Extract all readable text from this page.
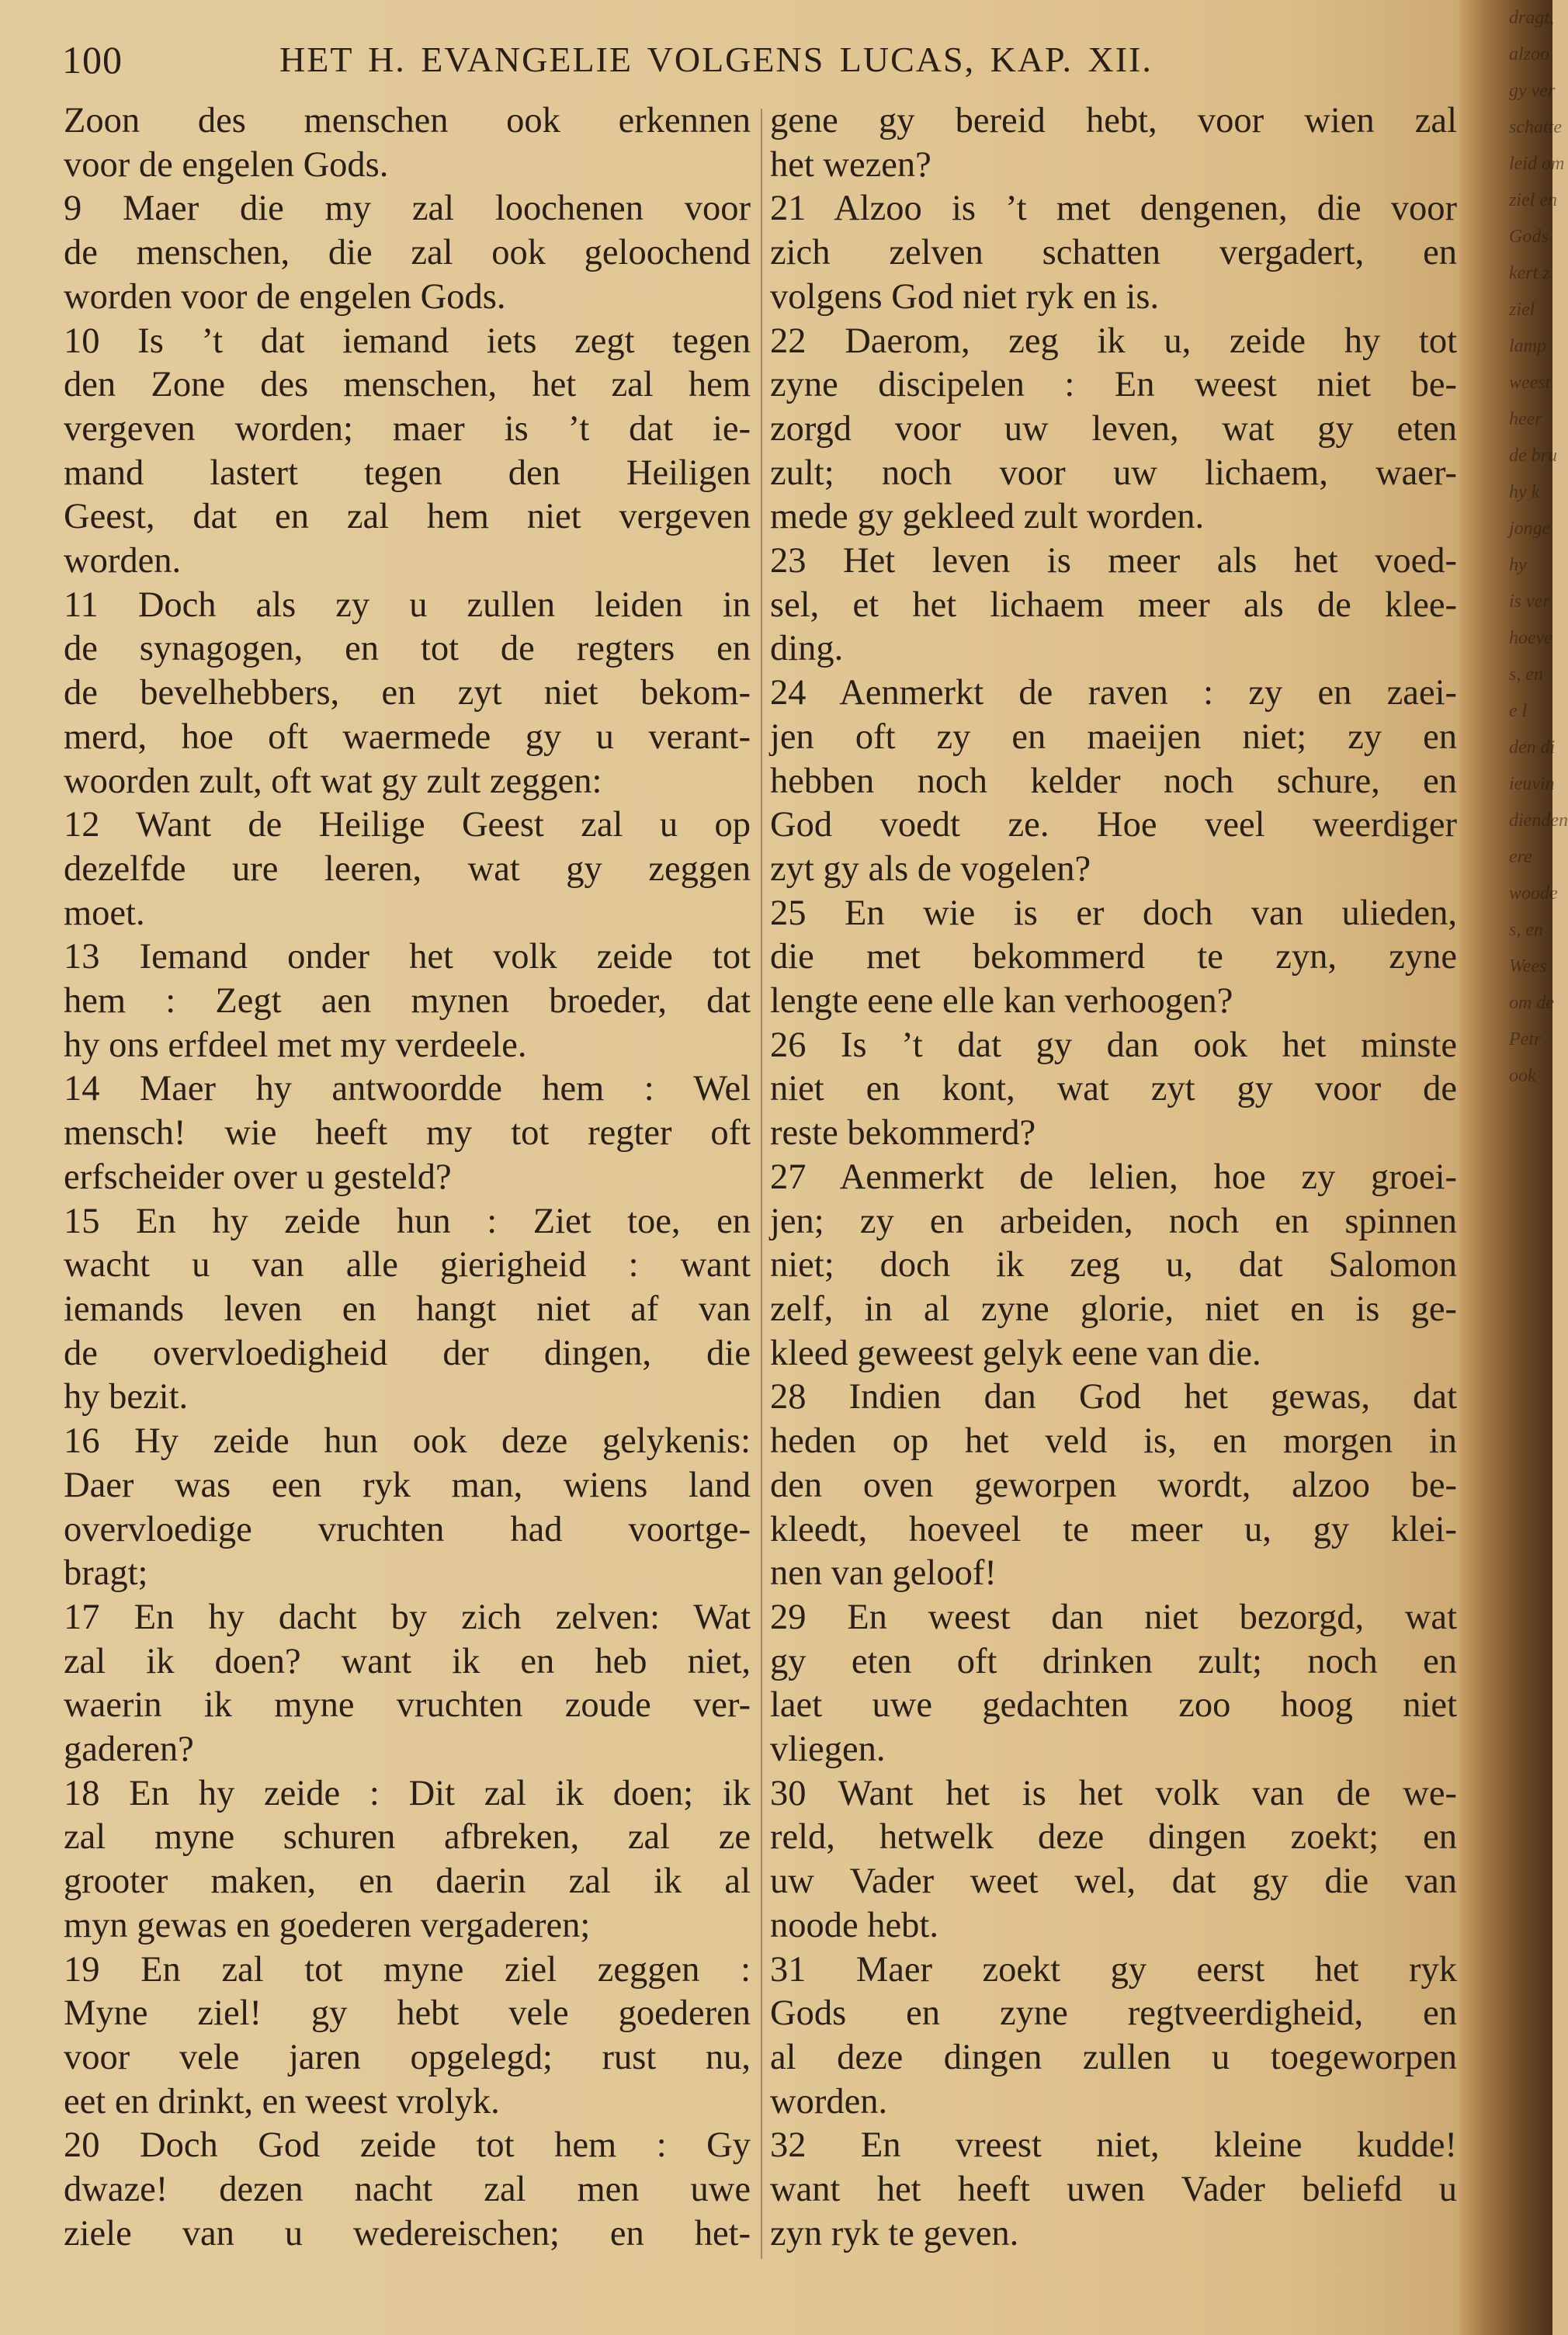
dragt,
alzoo
gy ver
schatte
leid om
ziel en
Gods
kert z
ziel
lamp
weest
heer
de bru
hy k
jonge
hy
is ver
hoeve
s, en
e l
den di
ieuvin
dienden
ere
woode
s, en
Wees
om de
Petr
ook
100	HET H. EVANGELIE VOLGENS LUCAS, KAP. XII.
Zoon des menschen ook erkennen
voor de engelen Gods.
9 Maer die my zal loochenen voor
de menschen, die zal ook geloochend
worden voor de engelen Gods.
10 Is ’t dat iemand iets zegt tegen
den Zone des menschen, het zal hem
vergeven worden; maer is ’t dat ie-
mand lastert tegen den Heiligen
Geest, dat en zal hem niet vergeven
worden.
11 Doch als zy u zullen leiden in
de synagogen, en tot de regters en
de bevelhebbers, en zyt niet bekom-
merd, hoe oft waermede gy u verant-
woorden zult, oft wat gy zult zeggen:
12 Want de Heilige Geest zal u op
dezelfde ure leeren, wat gy zeggen
moet.
13 Iemand onder het volk zeide tot
hem : Zegt aen mynen broeder, dat
hy ons erfdeel met my verdeele.
14 Maer hy antwoordde hem : Wel
mensch! wie heeft my tot regter oft
erfscheider over u gesteld?
15 En hy zeide hun : Ziet toe, en
wacht u van alle gierigheid : want
iemands leven en hangt niet af van
de overvloedigheid der dingen, die
hy bezit.
16 Hy zeide hun ook deze gelykenis:
Daer was een ryk man, wiens land
overvloedige vruchten had voortge-
bragt;
17 En hy dacht by zich zelven: Wat
zal ik doen? want ik en heb niet,
waerin ik myne vruchten zoude ver-
gaderen?
18 En hy zeide : Dit zal ik doen; ik
zal myne schuren afbreken, zal ze
grooter maken, en daerin zal ik al
myn gewas en goederen vergaderen;
19 En zal tot myne ziel zeggen :
Myne ziel! gy hebt vele goederen
voor vele jaren opgelegd; rust nu,
eet en drinkt, en weest vrolyk.
20 Doch God zeide tot hem : Gy
dwaze! dezen nacht zal men uwe
ziele van u wedereischen; en het-
gene gy bereid hebt, voor wien zal
het wezen?
21 Alzoo is ’t met dengenen, die voor
zich zelven schatten vergadert, en
volgens God niet ryk en is.
22 Daerom, zeg ik u, zeide hy tot
zyne discipelen : En weest niet be-
zorgd voor uw leven, wat gy eten
zult; noch voor uw lichaem, waer-
mede gy gekleed zult worden.
23 Het leven is meer als het voed-
sel, et het lichaem meer als de klee-
ding.
24 Aenmerkt de raven : zy en zaei-
jen oft zy en maeijen niet; zy en
hebben noch kelder noch schure, en
God voedt ze. Hoe veel weerdiger
zyt gy als de vogelen?
25 En wie is er doch van ulieden,
die met bekommerd te zyn, zyne
lengte eene elle kan verhoogen?
26 Is ’t dat gy dan ook het minste
niet en kont, wat zyt gy voor de
reste bekommerd?
27 Aenmerkt de lelien, hoe zy groei-
jen; zy en arbeiden, noch en spinnen
niet; doch ik zeg u, dat Salomon
zelf, in al zyne glorie, niet en is ge-
kleed geweest gelyk eene van die.
28 Indien dan God het gewas, dat
heden op het veld is, en morgen in
den oven geworpen wordt, alzoo be-
kleedt, hoeveel te meer u, gy klei-
nen van geloof!
29 En weest dan niet bezorgd, wat
gy eten oft drinken zult; noch en
laet uwe gedachten zoo hoog niet
vliegen.
30 Want het is het volk van de we-
reld, hetwelk deze dingen zoekt; en
uw Vader weet wel, dat gy die van
noode hebt.
31 Maer zoekt gy eerst het ryk
Gods en zyne regtveerdigheid, en
al deze dingen zullen u toegeworpen
worden.
32 En vreest niet, kleine kudde!
want het heeft uwen Vader beliefd u
zyn ryk te geven.
